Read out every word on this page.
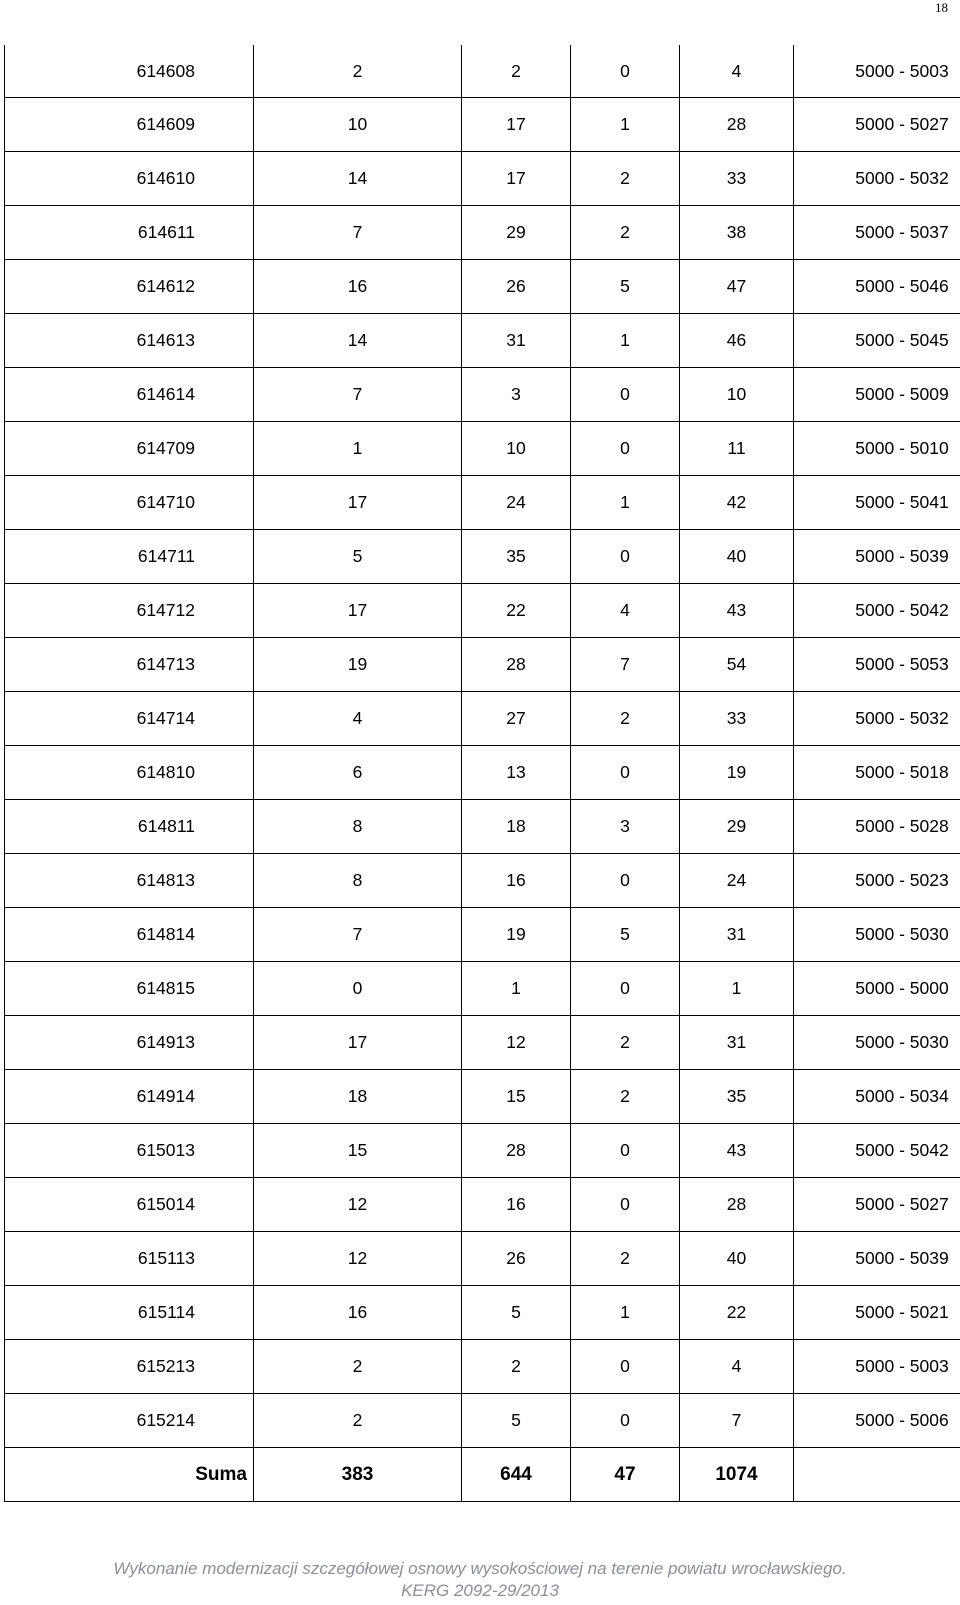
18
614608	2	2	0	4	5000 - 5003
614609	10	17	1	28	5000 - 5027
614610	14	17	2	33	5000 - 5032
614611	7	29	2	38	5000 - 5037
614612	16	26	5	47	5000 - 5046
614613	14	31	1	46	5000 - 5045
614614	7	3	0	10	5000 - 5009
614709	1	10	0	11	5000 - 5010
614710	17	24	1	42	5000 - 5041
614711	5	35	0	40	5000 - 5039
614712	17	22	4	43	5000 - 5042
614713	19	28	7	54	5000 - 5053
614714	4	27	2	33	5000 - 5032
614810	6	13	0	19	5000 - 5018
614811	8	18	3	29	5000 - 5028
614813	8	16	0	24	5000 - 5023
614814	7	19	5	31	5000 - 5030
614815	0	1	0	1	5000 - 5000
614913	17	12	2	31	5000 - 5030
614914	18	15	2	35	5000 - 5034
615013	15	28	0	43	5000 - 5042
615014	12	16	0	28	5000 - 5027
615113	12	26	2	40	5000 - 5039
615114	16	5	1	22	5000 - 5021
615213	2	2	0	4	5000 - 5003
615214	2	5	0	7	5000 - 5006
Suma	383	644	47	1074	
Wykonanie modernizacji szczegółowej osnowy wysokościowej na terenie powiatu wrocławskiego.
KERG 2092-29/2013
